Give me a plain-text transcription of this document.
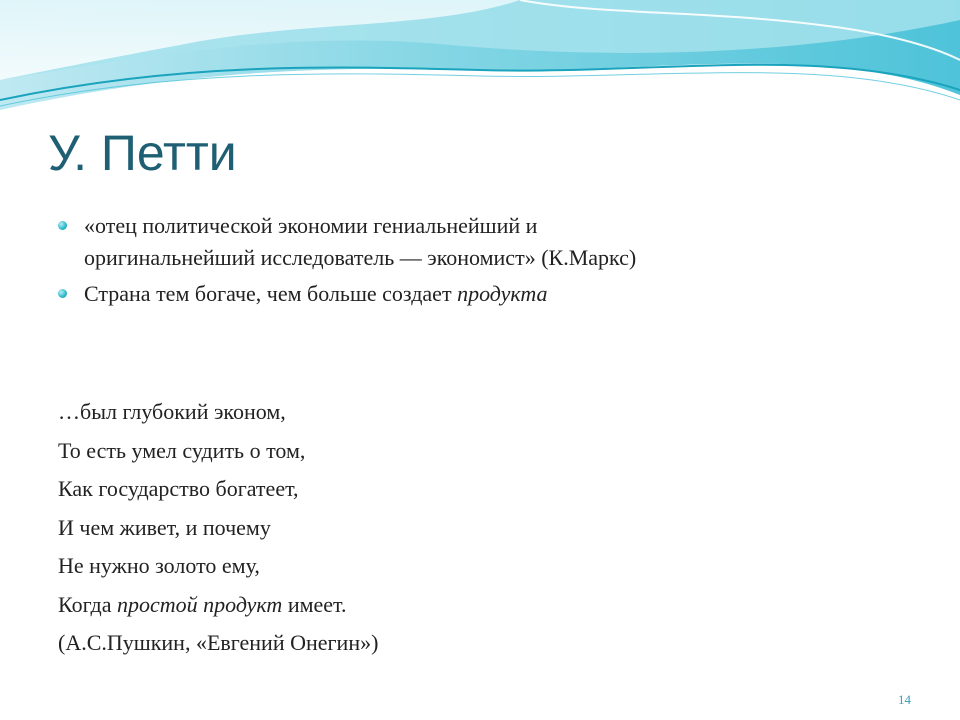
У. Петти
«отец политической экономии гениальнейший и
оригинальнейший исследователь — экономист» (К.Маркс)
Страна тем богаче, чем больше создает продукта
…был глубокий эконом,
То есть умел судить о том,
Как государство богатеет,
И чем живет, и почему
Не нужно золото ему,
Когда простой продукт имеет.
(А.С.Пушкин, «Евгений Онегин»)
14
